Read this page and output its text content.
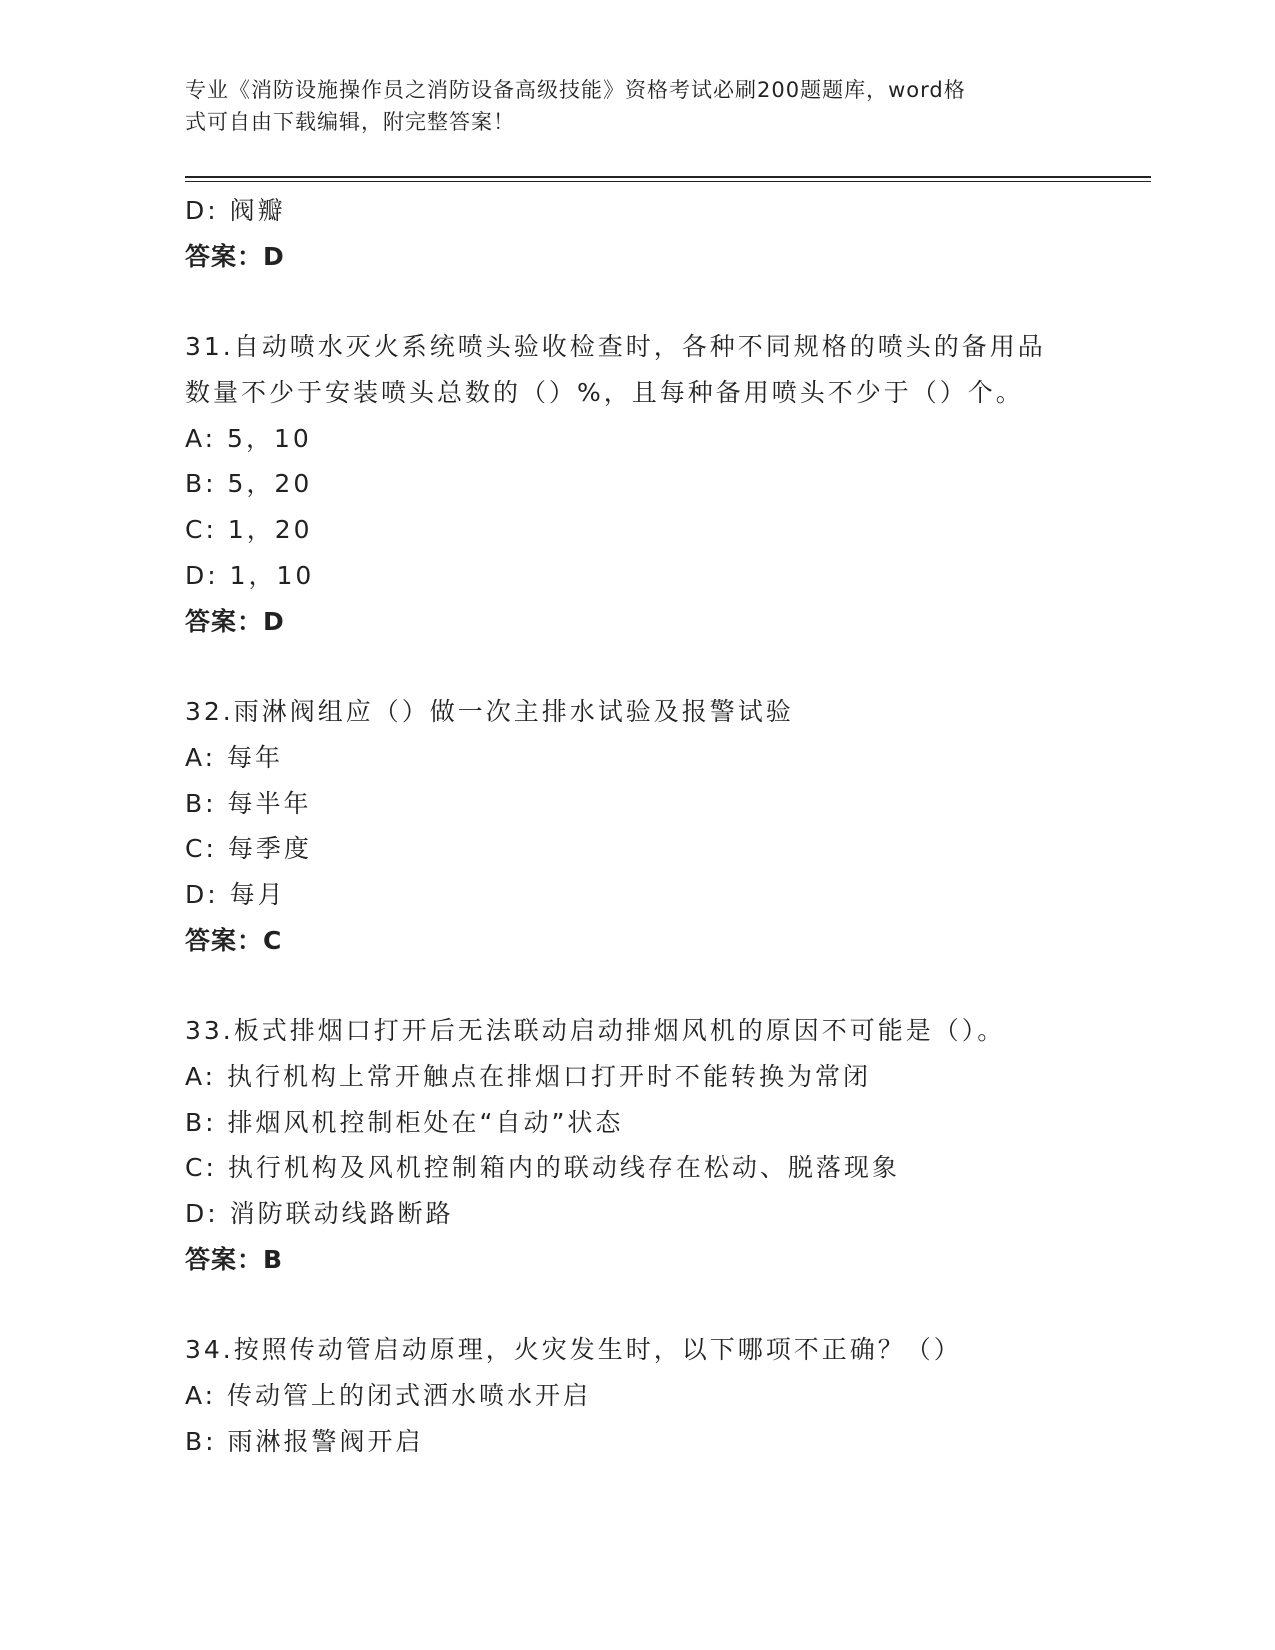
专业《消防设施操作员之消防设备高级技能》资格考试必刷200题题库，word格
式可自由下载编辑，附完整答案！
D: 阀瓣
答案：D
31.自动喷水灭火系统喷头验收检查时，各种不同规格的喷头的备用品
数量不少于安装喷头总数的（）%，且每种备用喷头不少于（）个。
A: 5，10
B: 5，20
C: 1，20
D: 1，10
答案：D
32.雨淋阀组应（）做一次主排水试验及报警试验
A: 每年
B: 每半年
C: 每季度
D: 每月
答案：C
33.板式排烟口打开后无法联动启动排烟风机的原因不可能是（）。
A: 执行机构上常开触点在排烟口打开时不能转换为常闭
B: 排烟风机控制柜处在“自动”状态
C: 执行机构及风机控制箱内的联动线存在松动、脱落现象
D: 消防联动线路断路
答案：B
34.按照传动管启动原理，火灾发生时，以下哪项不正确？（）
A: 传动管上的闭式洒水喷水开启
B: 雨淋报警阀开启
